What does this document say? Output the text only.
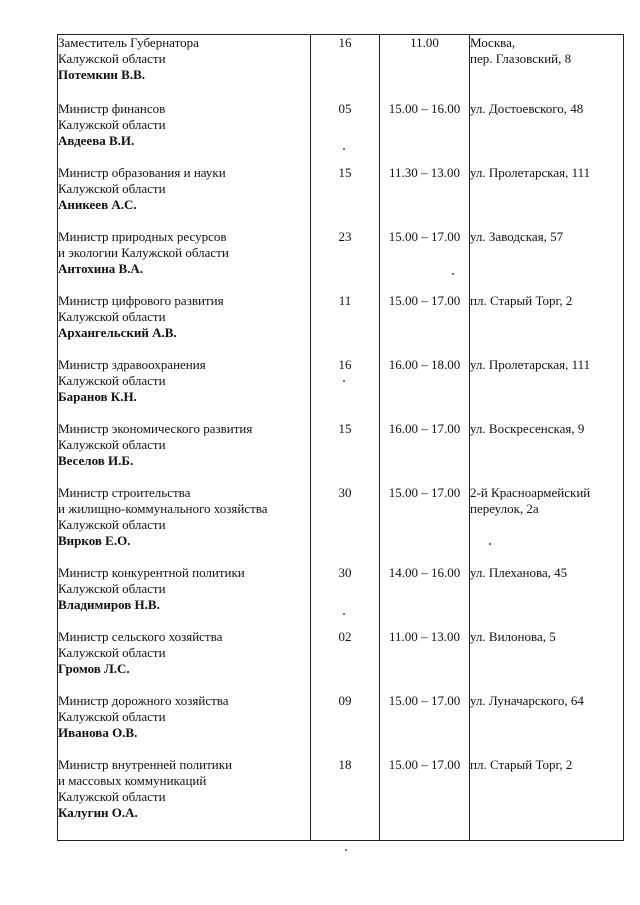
Заместитель Губернатора
Калужской области
Потемкин В.В.	16	11.00	Москва,
пер. Глазовский, 8

Министр финансов
Калужской области
Авдеева В.И.	05	15.00 – 16.00	ул. Достоевского, 48

Министр образования и науки
Калужской области
Аникеев А.С.	15	11.30 – 13.00	ул. Пролетарская, 111

Министр природных ресурсов
и экологии Калужской области
Антохина В.А.	23	15.00 – 17.00	ул. Заводская, 57

Министр цифрового развития
Калужской области
Архангельский А.В.	11	15.00 – 17.00	пл. Старый Торг, 2

Министр здравоохранения
Калужской области
Баранов К.Н.	16	16.00 – 18.00	ул. Пролетарская, 111

Министр экономического развития
Калужской области
Веселов И.Б.	15	16.00 – 17.00	ул. Воскресенская, 9

Министр строительства
и жилищно-коммунального хозяйства
Калужской области
Вирков Е.О.	30	15.00 – 17.00	2-й Красноармейский
переулок, 2а

Министр конкурентной политики
Калужской области
Владимиров Н.В.	30	14.00 – 16.00	ул. Плеханова, 45

Министр сельского хозяйства
Калужской области
Громов Л.С.	02	11.00 – 13.00	ул. Вилонова, 5

Министр дорожного хозяйства
Калужской области
Иванова О.В.	09	15.00 – 17.00	ул. Луначарского, 64

Министр внутренней политики
и массовых коммуникаций
Калужской области
Калугин О.А.	18	15.00 – 17.00	пл. Старый Торг, 2
